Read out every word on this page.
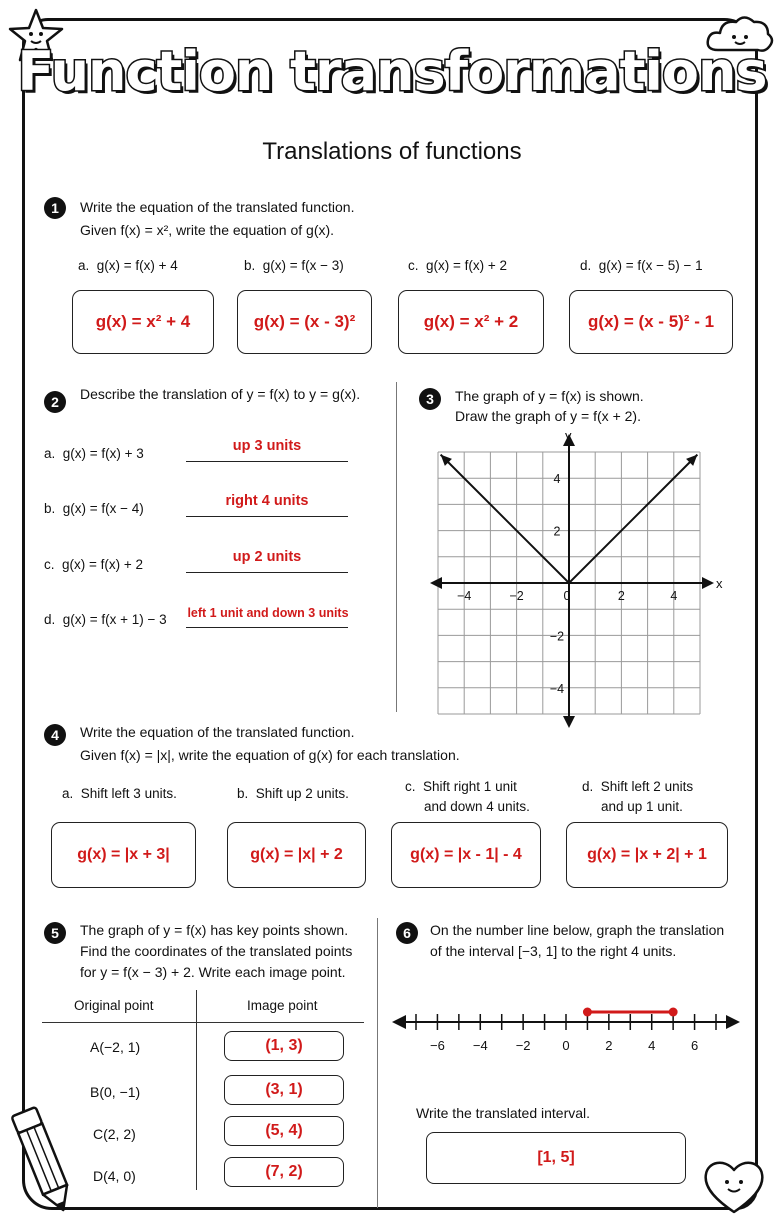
Function transformations
Translations of functions
1	Write the equation of the translated function.
Given f(x) = x², write the equation of g(x).
a. g(x) = f(x) + 4	b. g(x) = f(x − 3)	c. g(x) = f(x) + 2	d. g(x) = f(x − 5) − 1
g(x) = x² + 4	g(x) = (x - 3)²	g(x) = x² + 2	g(x) = (x - 5)² - 1
2	Describe the translation of y = f(x) to y = g(x).
a. g(x) = f(x) + 3	up 3 units
b. g(x) = f(x − 4)	right 4 units
c. g(x) = f(x) + 2	up 2 units
d. g(x) = f(x + 1) − 3 left 1 unit and down 3 units
3	The graph of y = f(x) is shown.
Draw the graph of y = f(x + 2).
x
y
−4	−2	0	2	4
4
2
−2
−4
4	Write the equation of the translated function.
Given f(x) = |x|, write the equation of g(x) for each translation.
a. Shift left 3 units.	b. Shift up 2 units.	c. Shift right 1 unit
and down 4 units.
d. Shift left 2 units
and up 1 unit.
g(x) = |x + 3|	g(x) = |x| + 2	g(x) = |x - 1| - 4	g(x) = |x + 2| + 1
5	The graph of y = f(x) has key points shown.
Find the coordinates of the translated points
for y = f(x − 3) + 2. Write each image point.
Original point	Image point
A(−2, 1)	(1, 3)
B(0, −1)	(3, 1)
C(2, 2)	(5, 4)
D(4, 0)	(7, 2)
6	On the number line below, graph the translation
of the interval [−3, 1] to the right 4 units.
−6 −4 −2 0	2	4	6
Write the translated interval.
[1, 5]
